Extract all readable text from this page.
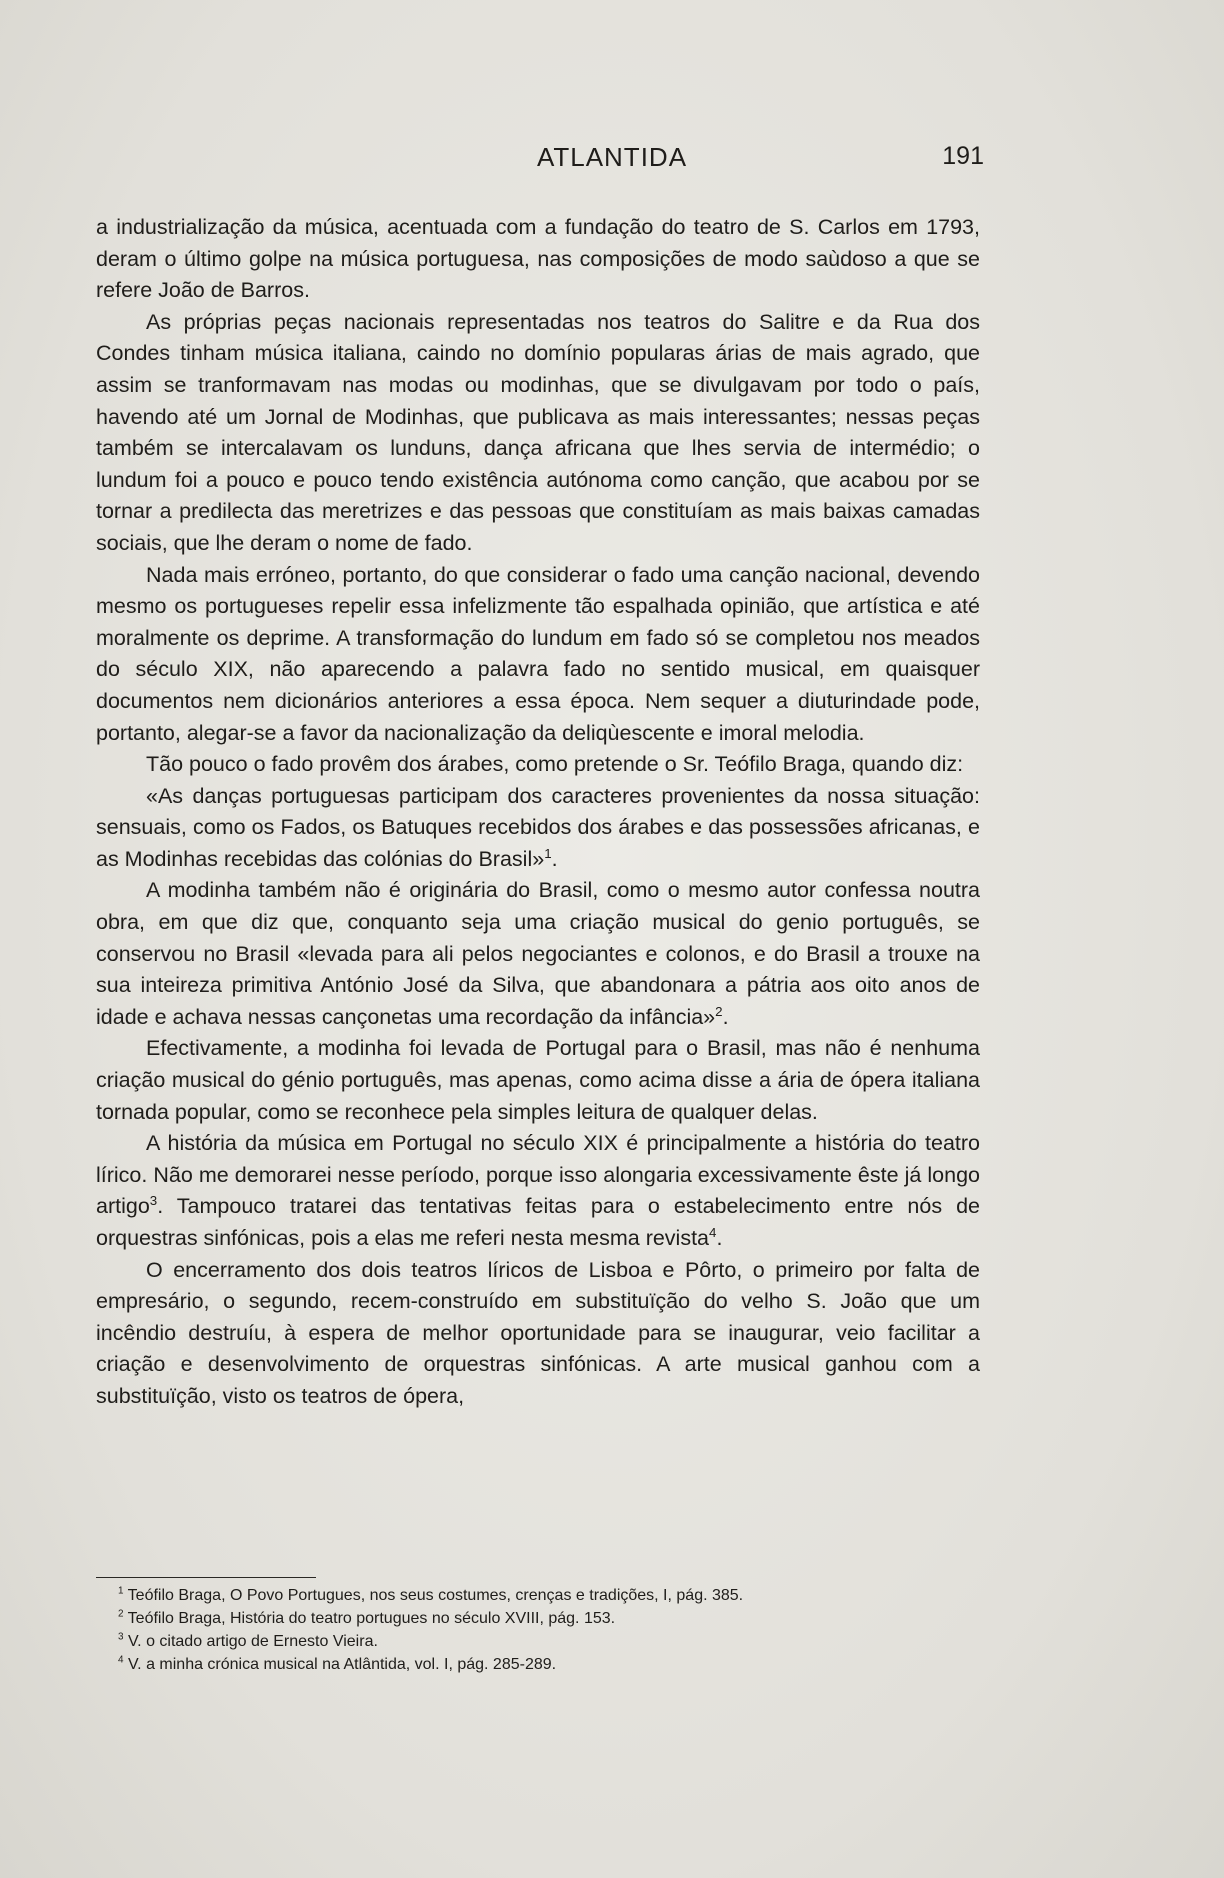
ATLANTIDA	191

a industrialização da música, acentuada com a fundação do teatro de S. Carlos em 1793, deram o último golpe na música portuguesa, nas composições de modo saùdoso a que se refere João de Barros.

As próprias peças nacionais representadas nos teatros do Salitre e da Rua dos Condes tinham música italiana, caindo no domínio popularas árias de mais agrado, que assim se tranformavam nas modas ou modinhas, que se divulgavam por todo o país, havendo até um Jornal de Modinhas, que publicava as mais interessantes; nessas peças também se intercalavam os lunduns, dança africana que lhes servia de intermédio; o lundum foi a pouco e pouco tendo existência autónoma como canção, que acabou por se tornar a predilecta das meretrizes e das pessoas que constituíam as mais baixas camadas sociais, que lhe deram o nome de fado.

Nada mais erróneo, portanto, do que considerar o fado uma canção nacional, devendo mesmo os portugueses repelir essa infelizmente tão espalhada opinião, que artística e até moralmente os deprime. A transformação do lundum em fado só se completou nos meados do século XIX, não aparecendo a palavra fado no sentido musical, em quaisquer documentos nem dicionários anteriores a essa época. Nem sequer a diuturindade pode, portanto, alegar-se a favor da nacionalização da deliqùescente e imoral melodia.

Tão pouco o fado provêm dos árabes, como pretende o Sr. Teófilo Braga, quando diz:

«As danças portuguesas participam dos caracteres provenientes da nossa situação: sensuais, como os Fados, os Batuques recebidos dos árabes e das possessões africanas, e as Modinhas recebidas das colónias do Brasil»$^1$.

A modinha também não é originária do Brasil, como o mesmo autor confessa noutra obra, em que diz que, conquanto seja uma criação musical do genio português, se conservou no Brasil «levada para ali pelos negociantes e colonos, e do Brasil a trouxe na sua inteireza primitiva António José da Silva, que abandonara a pátria aos oito anos de idade e achava nessas cançonetas uma recordação da infância»$^2$.

Efectivamente, a modinha foi levada de Portugal para o Brasil, mas não é nenhuma criação musical do génio português, mas apenas, como acima disse a ária de ópera italiana tornada popular, como se reconhece pela simples leitura de qualquer delas.

A história da música em Portugal no século XIX é principalmente a história do teatro lírico. Não me demorarei nesse período, porque isso alongaria excessivamente êste já longo artigo$^3$. Tampouco tratarei das tentativas feitas para o estabelecimento entre nós de orquestras sinfónicas, pois a elas me referi nesta mesma revista$^4$.

O encerramento dos dois teatros líricos de Lisboa e Pôrto, o primeiro por falta de empresário, o segundo, recem-construído em substituïção do velho S. João que um incêndio destruíu, à espera de melhor oportunidade para se inaugurar, veio facilitar a criação e desenvolvimento de orquestras sinfónicas. A arte musical ganhou com a substituïção, visto os teatros de ópera,

$^1$ Teófilo Braga, O Povo Portugues, nos seus costumes, crenças e tradições, I, pág. 385.
$^2$ Teófilo Braga, História do teatro portugues no século XVIII, pág. 153.
$^3$ V. o citado artigo de Ernesto Vieira.
$^4$ V. a minha crónica musical na Atlântida, vol. I, pág. 285-289.
